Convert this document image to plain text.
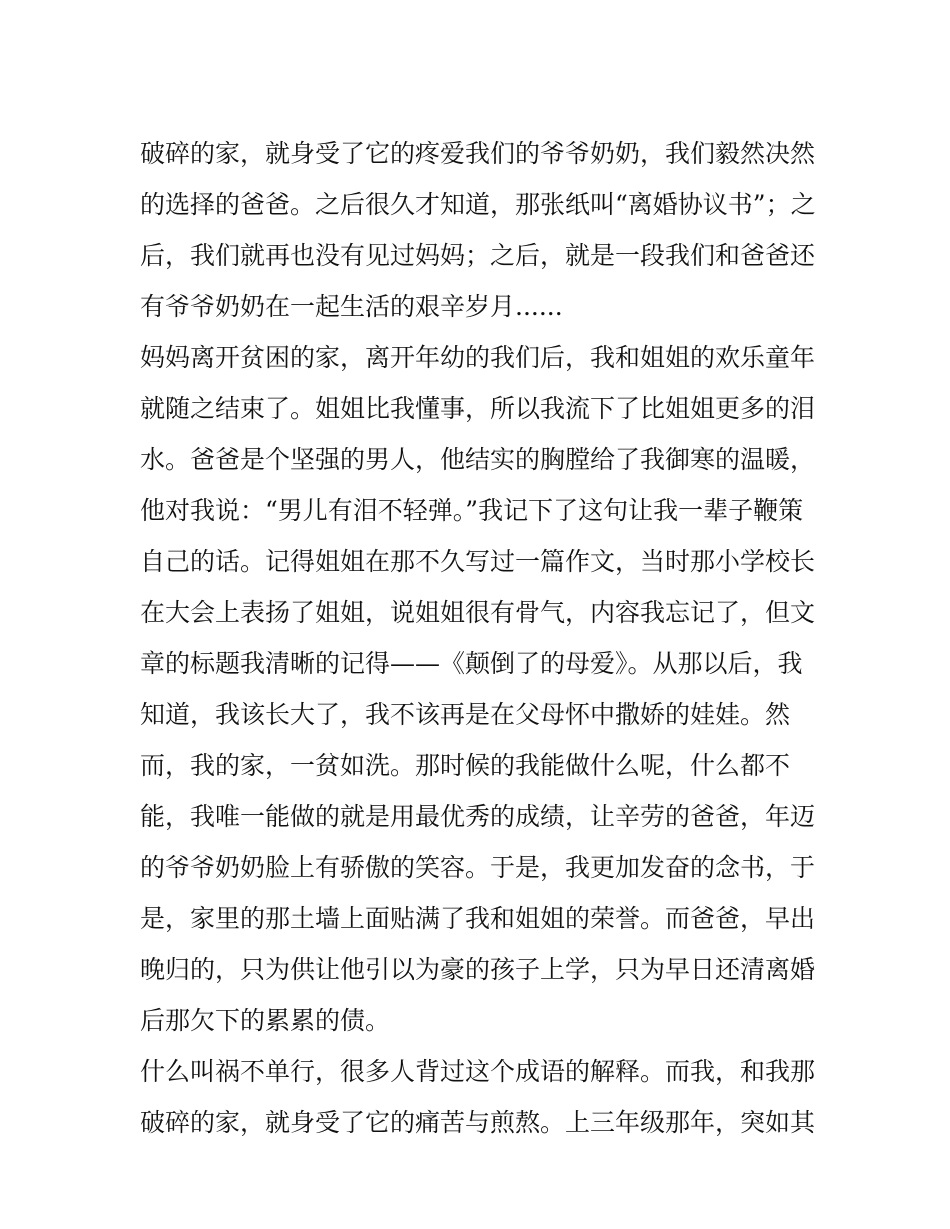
破碎的家，就身受了它的疼爱我们的爷爷奶奶，我们毅然决然
的选择的爸爸。之后很久才知道，那张纸叫“离婚协议书”；之
后，我们就再也没有见过妈妈；之后，就是一段我们和爸爸还
有爷爷奶奶在一起生活的艰辛岁月......
妈妈离开贫困的家，离开年幼的我们后，我和姐姐的欢乐童年
就随之结束了。姐姐比我懂事，所以我流下了比姐姐更多的泪
水。爸爸是个坚强的男人，他结实的胸膛给了我御寒的温暖，
他对我说：“男儿有泪不轻弹。”我记下了这句让我一辈子鞭策
自己的话。记得姐姐在那不久写过一篇作文，当时那小学校长
在大会上表扬了姐姐，说姐姐很有骨气，内容我忘记了，但文
章的标题我清晰的记得——《颠倒了的母爱》。从那以后，我
知道，我该长大了，我不该再是在父母怀中撒娇的娃娃。然
而，我的家，一贫如洗。那时候的我能做什么呢，什么都不
能，我唯一能做的就是用最优秀的成绩，让辛劳的爸爸，年迈
的爷爷奶奶脸上有骄傲的笑容。于是，我更加发奋的念书，于
是，家里的那土墙上面贴满了我和姐姐的荣誉。而爸爸，早出
晚归的，只为供让他引以为豪的孩子上学，只为早日还清离婚
后那欠下的累累的债。
什么叫祸不单行，很多人背过这个成语的解释。而我，和我那
破碎的家，就身受了它的痛苦与煎熬。上三年级那年，突如其
